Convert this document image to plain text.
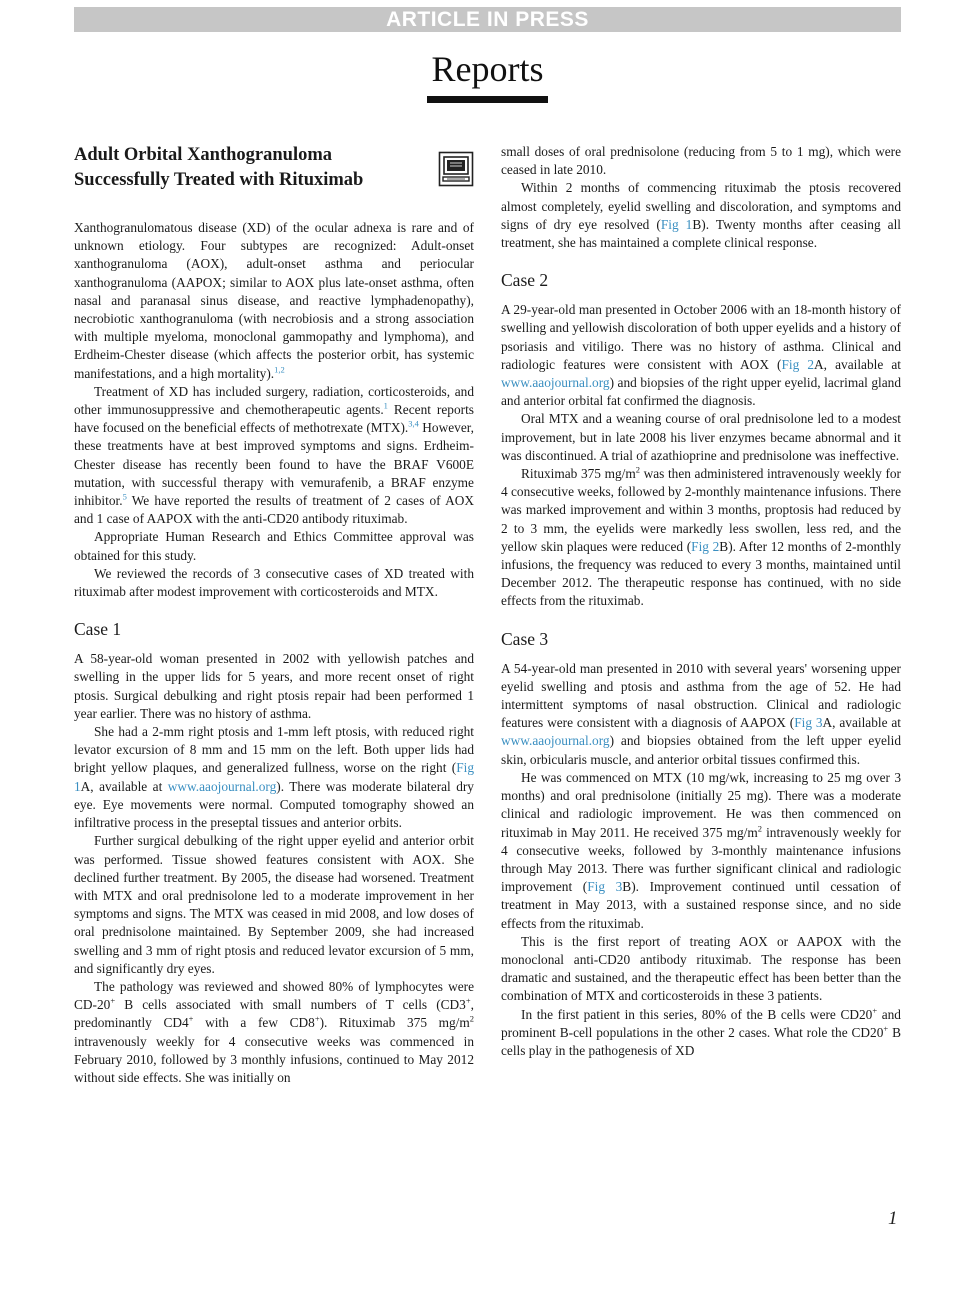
ARTICLE IN PRESS
Reports
Adult Orbital Xanthogranuloma Successfully Treated with Rituximab

Xanthogranulomatous disease (XD) of the ocular adnexa is rare and of unknown etiology. Four subtypes are recognized: Adult-onset xanthogranuloma (AOX), adult-onset asthma and periocular xanthogranuloma (AAPOX; similar to AOX plus late-onset asthma, often nasal and paranasal sinus disease, and reactive lymphadenopathy), necrobiotic xanthogranuloma (with necrobiosis and a strong association with multiple myeloma, monoclonal gammopathy and lymphoma), and Erdheim-Chester disease (which affects the posterior orbit, has systemic manifestations, and a high mortality).$^{1,2}$

Treatment of XD has included surgery, radiation, corticosteroids, and other immunosuppressive and chemotherapeutic agents.$^1$ Recent reports have focused on the beneficial effects of methotrexate (MTX).$^{3,4}$ However, these treatments have at best improved symptoms and signs. Erdheim-Chester disease has recently been found to have the BRAF V600E mutation, with successful therapy with vemurafenib, a BRAF enzyme inhibitor.$^5$ We have reported the results of treatment of 2 cases of AOX and 1 case of AAPOX with the anti-CD20 antibody rituximab.

Appropriate Human Research and Ethics Committee approval was obtained for this study.

We reviewed the records of 3 consecutive cases of XD treated with rituximab after modest improvement with corticosteroids and MTX.

Case 1

A 58-year-old woman presented in 2002 with yellowish patches and swelling in the upper lids for 5 years, and more recent onset of right ptosis. Surgical debulking and right ptosis repair had been performed 1 year earlier. There was no history of asthma.

She had a 2-mm right ptosis and 1-mm left ptosis, with reduced right levator excursion of 8 mm and 15 mm on the left. Both upper lids had bright yellow plaques, and generalized fullness, worse on the right (Fig 1A, available at www.aaojournal.org). There was moderate bilateral dry eye. Eye movements were normal. Computed tomography showed an infiltrative process in the preseptal tissues and anterior orbits.

Further surgical debulking of the right upper eyelid and anterior orbit was performed. Tissue showed features consistent with AOX. She declined further treatment. By 2005, the disease had worsened. Treatment with MTX and oral prednisolone led to a moderate improvement in her symptoms and signs. The MTX was ceased in mid 2008, and low doses of oral prednisolone maintained. By September 2009, she had increased swelling and 3 mm of right ptosis and reduced levator excursion of 5 mm, and significantly dry eyes.

The pathology was reviewed and showed 80% of lymphocytes were CD-20+ B cells associated with small numbers of T cells (CD3+, predominantly CD4+ with a few CD8+). Rituximab 375 $mg/m^2$ intravenously weekly for 4 consecutive weeks was commenced in February 2010, followed by 3 monthly infusions, continued to May 2012 without side effects. She was initially on

small doses of oral prednisolone (reducing from 5 to 1 mg), which were ceased in late 2010.

Within 2 months of commencing rituximab the ptosis recovered almost completely, eyelid swelling and discoloration, and symptoms and signs of dry eye resolved (Fig 1B). Twenty months after ceasing all treatment, she has maintained a complete clinical response.

Case 2

A 29-year-old man presented in October 2006 with an 18-month history of swelling and yellowish discoloration of both upper eyelids and a history of psoriasis and vitiligo. There was no history of asthma. Clinical and radiologic features were consistent with AOX (Fig 2A, available at www.aaojournal.org) and biopsies of the right upper eyelid, lacrimal gland and anterior orbital fat confirmed the diagnosis.

Oral MTX and a weaning course of oral prednisolone led to a modest improvement, but in late 2008 his liver enzymes became abnormal and it was discontinued. A trial of azathioprine and prednisolone was ineffective.

Rituximab 375 $mg/m^2$ was then administered intravenously weekly for 4 consecutive weeks, followed by 2-monthly maintenance infusions. There was marked improvement and within 3 months, proptosis had reduced by 2 to 3 mm, the eyelids were markedly less swollen, less red, and the yellow skin plaques were reduced (Fig 2B). After 12 months of 2-monthly infusions, the frequency was reduced to every 3 months, maintained until December 2012. The therapeutic response has continued, with no side effects from the rituximab.

Case 3

A 54-year-old man presented in 2010 with several years' worsening upper eyelid swelling and ptosis and asthma from the age of 52. He had intermittent symptoms of nasal obstruction. Clinical and radiologic features were consistent with a diagnosis of AAPOX (Fig 3A, available at www.aaojournal.org) and biopsies obtained from the left upper eyelid skin, orbicularis muscle, and anterior orbital tissues confirmed this.

He was commenced on MTX (10 mg/wk, increasing to 25 mg over 3 months) and oral prednisolone (initially 25 mg). There was a moderate clinical and radiologic improvement. He was then commenced on rituximab in May 2011. He received 375 $mg/m^2$ intravenously weekly for 4 consecutive weeks, followed by 3-monthly maintenance infusions through May 2013. There was further significant clinical and radiologic improvement (Fig 3B). Improvement continued until cessation of treatment in May 2013, with a sustained response since, and no side effects from the rituximab.

This is the first report of treating AOX or AAPOX with the monoclonal anti-CD20 antibody rituximab. The response has been dramatic and sustained, and the therapeutic effect has been better than the combination of MTX and corticosteroids in these 3 patients.

In the first patient in this series, 80% of the B cells were CD20+ and prominent B-cell populations in the other 2 cases. What role the CD20+ B cells play in the pathogenesis of XD

1
